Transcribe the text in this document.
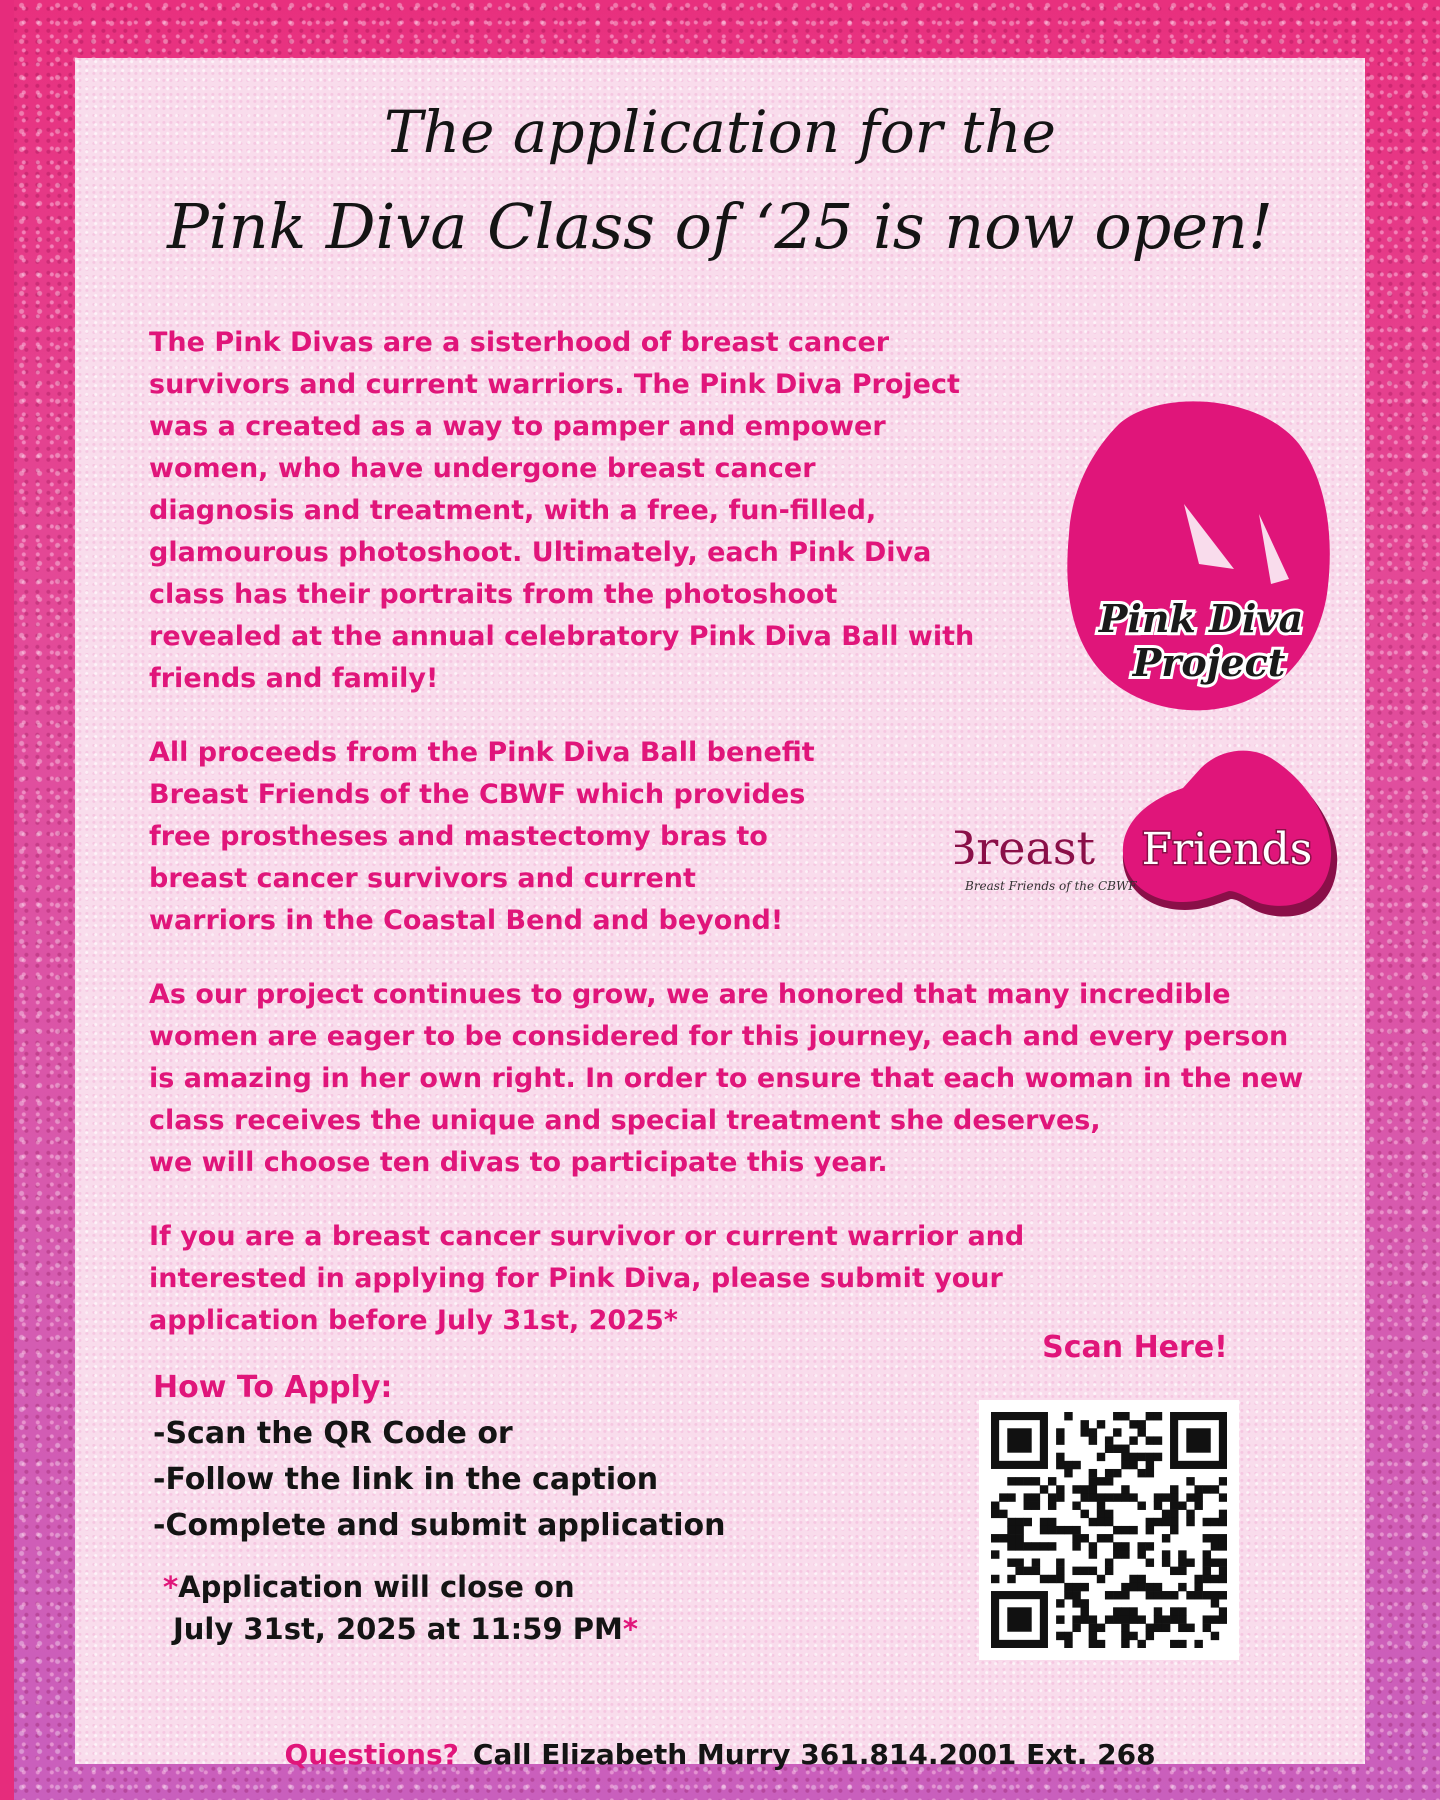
The application for the
Pink Diva Class of ‘25 is now open!

The Pink Divas are a sisterhood of breast cancer
survivors and current warriors. The Pink Diva Project
was a created as a way to pamper and empower
women, who have undergone breast cancer
diagnosis and treatment, with a free, fun-filled,
glamourous photoshoot. Ultimately, each Pink Diva
class has their portraits from the photoshoot
revealed at the annual celebratory Pink Diva Ball with
friends and family!

Pink Diva
Project

All proceeds from the Pink Diva Ball benefit
Breast Friends of the CBWF which provides
free prostheses and mastectomy bras to
breast cancer survivors and current
warriors in the Coastal Bend and beyond!

Breast Friends
Breast Friends of the CBWF

As our project continues to grow, we are honored that many incredible
women are eager to be considered for this journey, each and every person
is amazing in her own right. In order to ensure that each woman in the new
class receives the unique and special treatment she deserves,
we will choose ten divas to participate this year.

If you are a breast cancer survivor or current warrior and
interested in applying for Pink Diva, please submit your
application before July 31st, 2025*

How To Apply:
-Scan the QR Code or
-Follow the link in the caption
-Complete and submit application
*Application will close on
July 31st, 2025 at 11:59 PM*
Scan Here!
Questions? Call Elizabeth Murry 361.814.2001 Ext. 268
